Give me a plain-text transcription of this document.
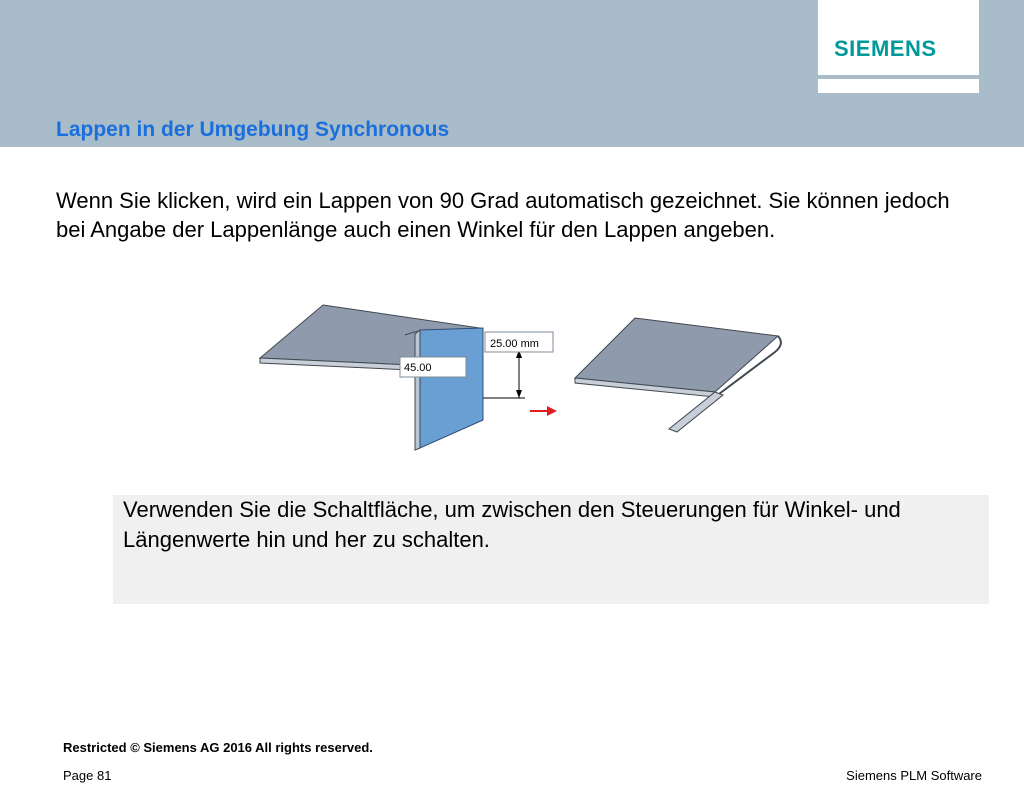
SIEMENS
Lappen in der Umgebung Synchronous

Wenn Sie klicken, wird ein Lappen von 90 Grad automatisch gezeichnet. Sie können jedoch bei Angabe der Lappenlänge auch einen Winkel für den Lappen angeben.

25.00 mm
45.00

Verwenden Sie die Schaltfläche, um zwischen den Steuerungen für Winkel- und Längenwerte hin und her zu schalten.

Restricted © Siemens AG 2016 All rights reserved.
Page 81	Siemens PLM Software
